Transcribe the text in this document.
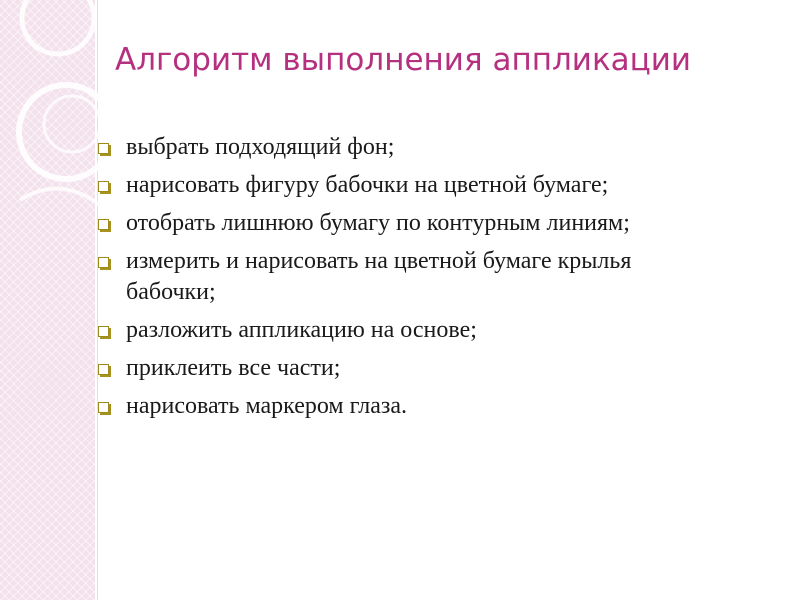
Алгоритм выполнения аппликации
выбрать подходящий фон;
нарисовать фигуру бабочки на цветной бумаге;
отобрать лишнюю бумагу по контурным линиям;
измерить и нарисовать на цветной бумаге крылья бабочки;
разложить аппликацию на основе;
приклеить все части;
нарисовать маркером глаза.
